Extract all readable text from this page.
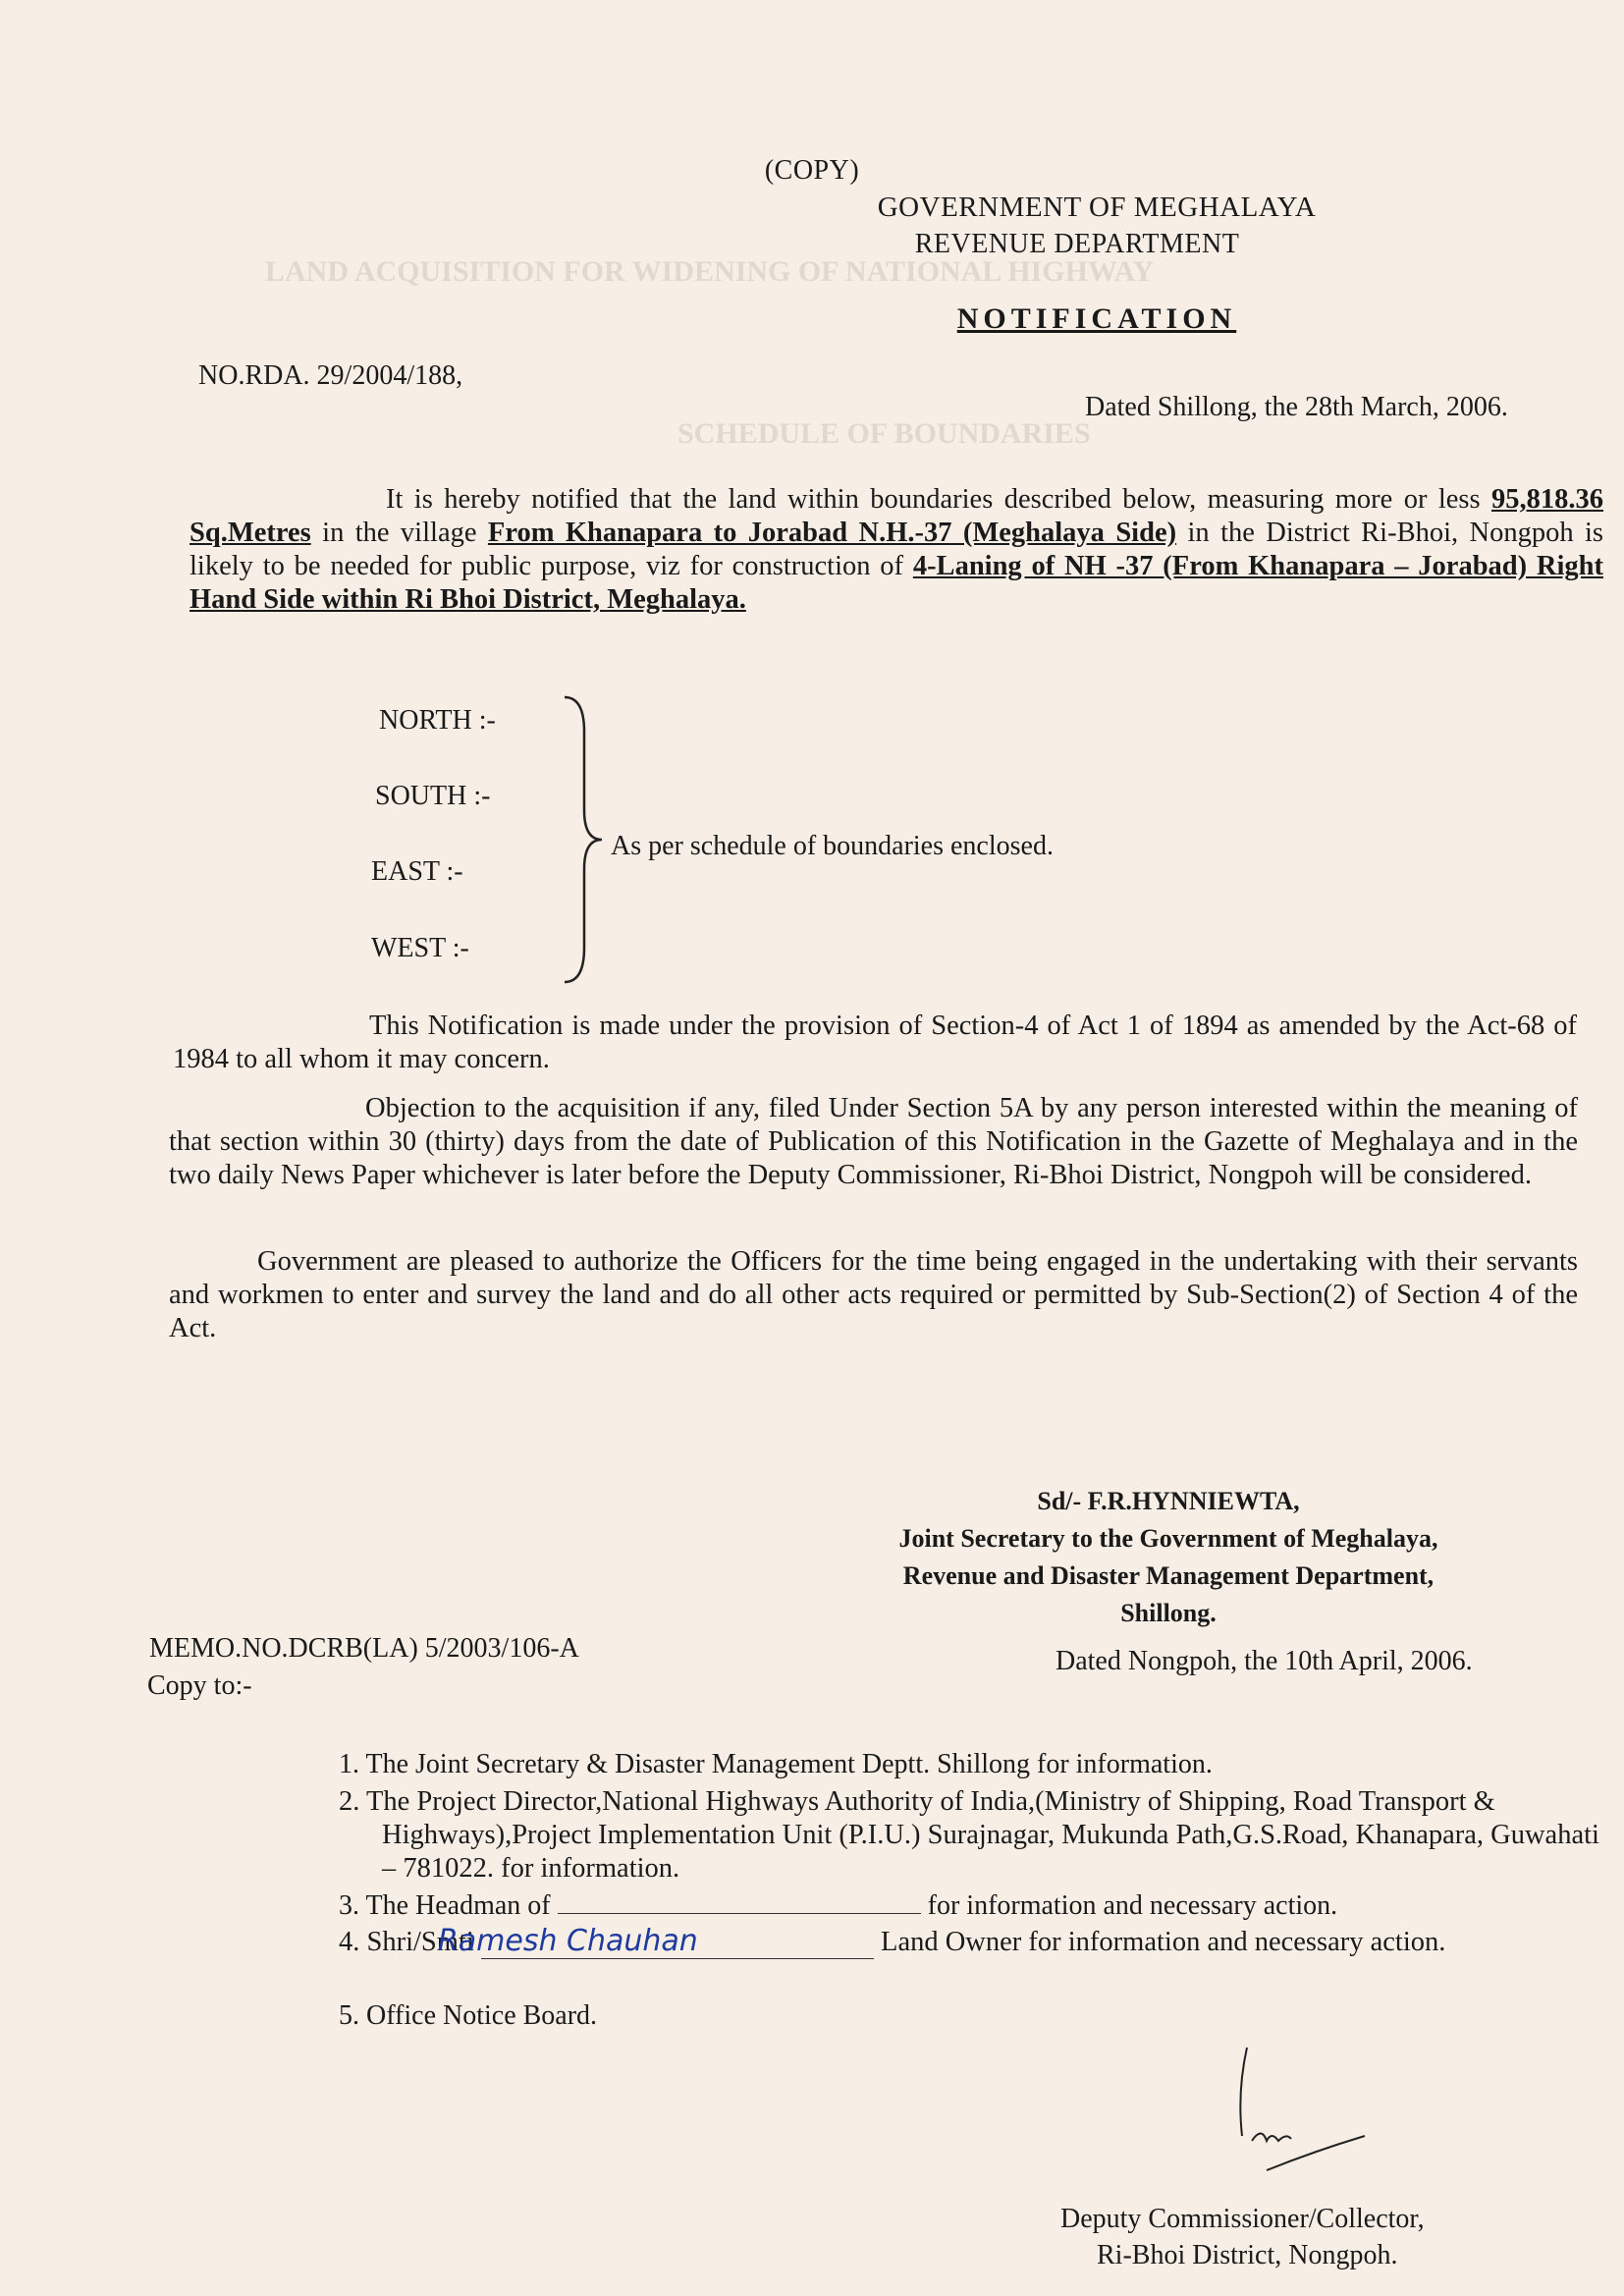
LAND ACQUISITION FOR WIDENING OF NATIONAL HIGHWAY
SCHEDULE OF BOUNDARIES
(COPY)
GOVERNMENT OF MEGHALAYA
REVENUE DEPARTMENT
NOTIFICATION
NO.RDA. 29/2004/188,
Dated Shillong, the 28th March, 2006.
It is hereby notified that the land within boundaries described below, measuring more or less 95,818.36 Sq.Metres in the village From Khanapara to Jorabad N.H.-37 (Meghalaya Side) in the District Ri-Bhoi, Nongpoh is likely to be needed for public purpose, viz for construction of 4-Laning of NH -37 (From Khanapara – Jorabad) Right Hand Side within Ri Bhoi District, Meghalaya.
NORTH :-
SOUTH :-
EAST :-
WEST :-
As per schedule of boundaries enclosed.
This Notification is made under the provision of Section-4 of Act 1 of 1894 as amended by the Act-68 of 1984 to all whom it may concern.
Objection to the acquisition if any, filed Under Section 5A by any person interested within the meaning of that section within 30 (thirty) days from the date of Publication of this Notification in the Gazette of Meghalaya and in the two daily News Paper whichever is later before the Deputy Commissioner, Ri-Bhoi District, Nongpoh will be considered.
Government are pleased to authorize the Officers for the time being engaged in the undertaking with their servants and workmen to enter and survey the land and do all other acts required or permitted by Sub-Section(2) of Section 4 of the Act.
Sd/- F.R.HYNNIEWTA,
Joint Secretary to the Government of Meghalaya,
Revenue and Disaster Management Department,
Shillong.
MEMO.NO.DCRB(LA) 5/2003/106-A	Dated Nongpoh, the 10th April, 2006.
Copy to:-
1. The Joint Secretary & Disaster Management Deptt. Shillong for information.
2. The Project Director,National Highways Authority of India,(Ministry of Shipping, Road Transport & Highways),Project Implementation Unit (P.I.U.) Surajnagar, Mukunda Path,G.S.Road, Khanapara, Guwahati – 781022. for information.
3. The Headman of	for information and necessary action.
4. Shri/Smti Ramesh Chauhan	Land Owner for information and necessary action.
5. Office Notice Board.
Deputy Commissioner/Collector,
Ri-Bhoi District, Nongpoh.
